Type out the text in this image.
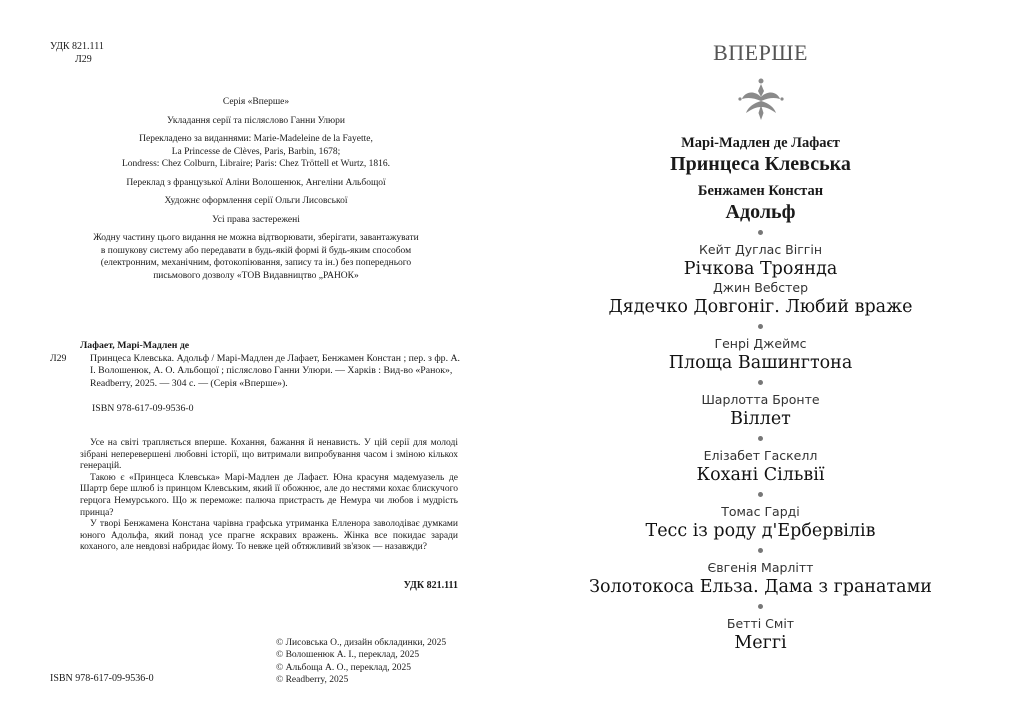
УДК 821.111
Л29
Серія «Вперше»
Укладання серії та післяслово Ганни Улюри
Перекладено за виданнями: Marie-Madeleine de la Fayette,
La Princesse de Clèves, Paris, Barbin, 1678;
Londress: Chez Colburn, Libraire; Paris: Chez Tröttell et Wurtz, 1816.
Переклад з французької Аліни Волошенюк, Ангеліни Альбощої
Художнє оформлення серії Ольги Лисовської
Усі права застережені
Жодну частину цього видання не можна відтворювати, зберігати, завантажувати
в пошукову систему або передавати в будь-якій формі й будь-яким способом
(електронним, механічним, фотокопіювання, запису та ін.) без попереднього
письмового дозволу «ТОВ Видавництво „РАНОК»
Лафает, Марі-Мадлен де
Л29	Принцеса Клевська. Адольф / Марі-Мадлен де Лафает, Бенжамен Констан ; пер. з фр. А. І. Волошенюк, А. О. Альбощої ; післяслово Ганни Улюри. — Харків : Вид-во «Ранок», Readberry, 2025. — 304 с. — (Серія «Вперше»).
ISBN 978-617-09-9536-0

Усе на світі трапляється вперше. Кохання, бажання й ненависть. У цій серії для молоді зібрані неперевершені любовні історії, що витримали випробування часом і зміною кількох генерацій.

Такою є «Принцеса Клевська» Марі-Мадлен де Лафаєт. Юна красуня мадемуазель де Шартр бере шлюб із принцом Клевським, який її обожнює, але до нестями кохає блискучого герцога Немурського. Що ж переможе: палюча пристрасть де Немура чи любов і мудрість принца?

У творі Бенжамена Констана чарівна графська утриманка Елленора заволодіває думками юного Адольфа, який понад усе прагне яскравих вражень. Жінка все покидає заради коханого, але невдовзі набридає йому. То невже цей обтяжливий зв'язок — назавжди?

УДК 821.111
© Лисовська О., дизайн обкладинки, 2025
© Волошенюк А. І., переклад, 2025
© Альбощa А. О., переклад, 2025
© Readberry, 2025
ISBN 978-617-09-9536-0
ВПЕРШЕ
Марі-Мадлен де Лафаєт
Принцеса Клевська
Бенжамен Констан
Адольф
Кейт Дуглас Віггін
Річкова Троянда
Джин Вебстер
Дядечко Довгоніг. Любий враже
Генрі Джеймс
Площа Вашингтона
Шарлотта Бронте
Віллет
Елізабет Гаскелл
Кохані Сільвії
Томас Гарді
Тесс із роду д'Ербервілів
Євгенія Марлітт
Золотокоса Ельза. Дама з гранатами
Бетті Сміт
Меггі
